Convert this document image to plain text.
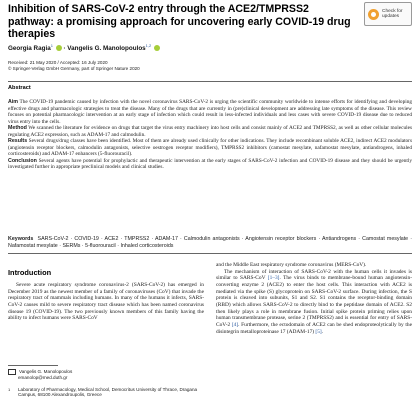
Inhibition of SARS-CoV-2 entry through the ACE2/TMPRSS2 pathway: a promising approach for uncovering early COVID-19 drug therapies
Check for
updates
Georgia Ragia$^1$ · Vangelis G. Manolopoulos$^{1,2}$
Received: 21 May 2020 / Accepted: 16 July 2020
© Springer-Verlag GmbH Germany, part of Springer Nature 2020
Abstract

Aim The COVID-19 pandemic caused by infection with the novel coronavirus SARS-CoV-2 is urging the scientific community worldwide to intense efforts for identifying and developing effective drugs and pharmacologic strategies to treat the disease. Many of the drugs that are currently in (pre)clinical development are addressing late symptoms of the disease. This review focuses on potential pharmacologic intervention at an early stage of infection which could result in less-infected individuals and less cases with severe COVID-19 disease due to reduced virus entry into the cells.

Method We scanned the literature for evidence on drugs that target the virus entry machinery into host cells and consist mainly of ACE2 and TMPRSS2, as well as other cellular molecules regulating ACE2 expression, such as ADAM-17 and calmodulin.

Results Several drugs/drug classes have been identified. Most of them are already used clinically for other indications. They include recombinant soluble ACE2, indirect ACE2 modulators (angiotensin receptor blockers, calmodulin antagonists, selective oestrogen receptor modifiers), TMPRSS2 inhibitors (camostat mesylate, nafamostat mesylate, antiandrogens, inhaled corticosteroids) and ADAM-17 enhancers (5-fluorouracil).

Conclusion Several agents have potential for prophylactic and therapeutic intervention at the early stages of SARS-CoV-2 infection and COVID-19 disease and they should be urgently investigated further in appropriate preclinical models and clinical studies.

Keywords SARS-CoV-2 · COVID-19 · ACE2 · TMPRSS2 · ADAM-17 · Calmodulin antagonists · Angiotensin receptor blockers · Antiandrogens · Camostat mesylate · Nafamostat mesylate · SERMs · 5-fluorouracil · Inhaled corticosteroids
Introduction

Severe acute respiratory syndrome coronavirus-2 (SARS-CoV-2) has emerged in December 2019 as the newest member of a family of coronaviruses (CoV) that invade the respiratory tract of mammals including humans. In many of the humans it infects, SARS-CoV-2 causes mild to severe respiratory tract disease which has been named coronavirus disease 19 (COVID-19). The two previously known members of this family having the ability to infect humans were SARS-CoV

and the Middle East respiratory syndrome coronavirus (MERS-CoV).

The mechanism of interaction of SARS-CoV-2 with the human cells it invades is similar to SARS-CoV [1–3]. The virus binds to membrane-bound human angiotensin-converting enzyme 2 (ACE2) to enter the host cells. This interaction with ACE2 is mediated via the spike (S) glycoprotein on SARS-CoV-2 surface. During infection, the S protein is cleaved into subunits, S1 and S2. S1 contains the receptor-binding domain (RBD) which allows SARS-CoV-2 to directly bind to the peptidase domain of ACE2. S2 then likely plays a role in membrane fusion. Initial spike protein priming relies upon human transmembrane protease, serine 2 (TMPRSS2) and is essential for entry of SARS-CoV-2 [4]. Furthermore, the ectodomain of ACE2 can be shed endoproteolytically by the disintegrin metalloproteinase 17 (ADAM-17) [5].

Vangelis G. Manolopoulos
emanolop@med.duth.gr
1	Laboratory of Pharmacology, Medical School, Democritus University of Thrace, Dragana Campus, 68100 Alexandroupolis, Greece
